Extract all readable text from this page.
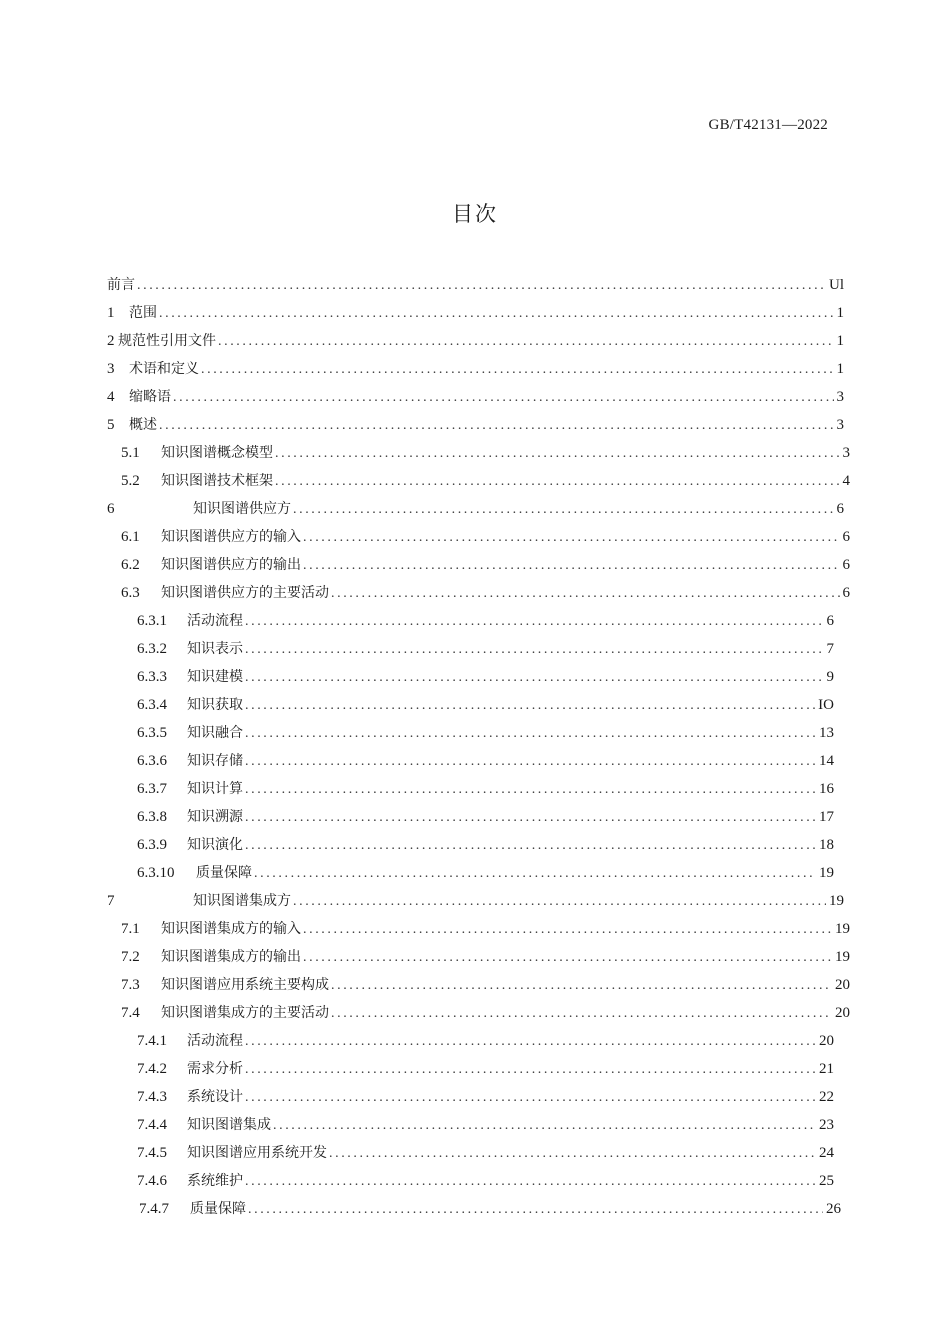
GB/T42131—2022
目次
前言 .....	Ul
1	范围 .....	1
2 规范性引用文件 .....	1
3	术语和定义 .....	1
4	缩略语 .....	3
5	概述 .....	3
5.1	知识图谱概念模型 .....	3
5.2	知识图谱技术框架 .....	4
6	知识图谱供应方 .....	6
6.1	知识图谱供应方的输入 .....	6
6.2	知识图谱供应方的输出 .....	6
6.3	知识图谱供应方的主要活动 .....	6
6.3.1	活动流程 .....	6
6.3.2	知识表示 .....	7
6.3.3	知识建模 .....	9
6.3.4	知识获取 .....	IO
6.3.5	知识融合 .....	13
6.3.6	知识存储 .....	14
6.3.7	知识计算 .....	16
6.3.8	知识溯源 .....	17
6.3.9	知识演化 .....	18
6.3.10	质量保障 .....	19
7	知识图谱集成方 .....	19
7.1	知识图谱集成方的输入 .....	19
7.2	知识图谱集成方的输出 .....	19
7.3	知识图谱应用系统主要构成 .....	20
7.4	知识图谱集成方的主要活动 .....	20
7.4.1	活动流程 .....	20
7.4.2	需求分析 .....	21
7.4.3	系统设计 .....	22
7.4.4	知识图谱集成 .....	23
7.4.5	知识图谱应用系统开发 .....	24
7.4.6	系统维护 .....	25
7.4.7	质量保障 .....	26
